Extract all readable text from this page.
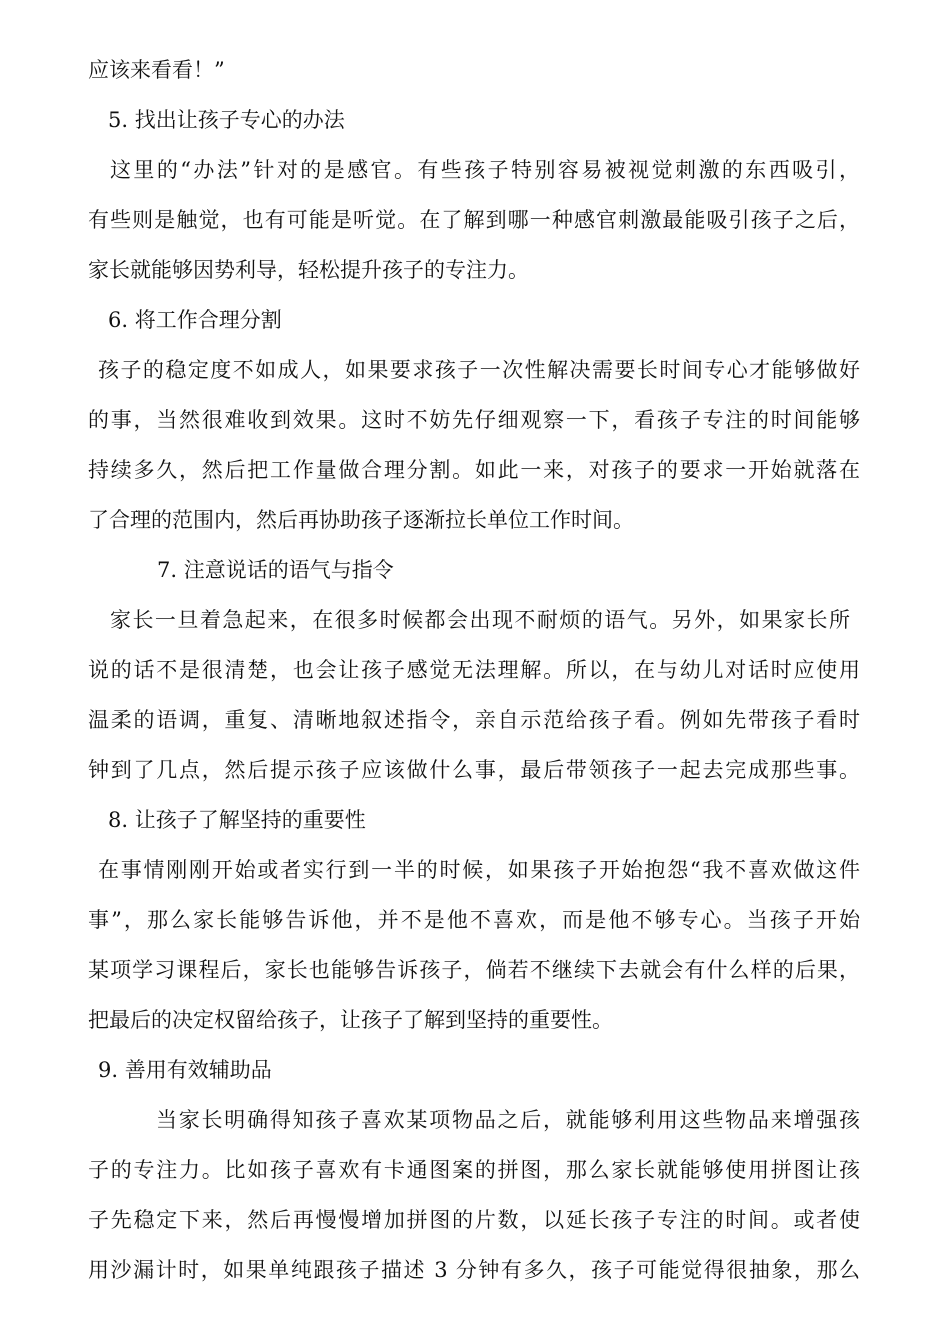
应该来看看！”
5. 找出让孩子专心的办法
这里的“办法”针对的是感官。有些孩子特别容易被视觉刺激的东西吸引，
有些则是触觉，也有可能是听觉。在了解到哪一种感官刺激最能吸引孩子之后，
家长就能够因势利导，轻松提升孩子的专注力。
6. 将工作合理分割
孩子的稳定度不如成人，如果要求孩子一次性解决需要长时间专心才能够做好
的事，当然很难收到效果。这时不妨先仔细观察一下，看孩子专注的时间能够
持续多久，然后把工作量做合理分割。如此一来，对孩子的要求一开始就落在
了合理的范围内，然后再协助孩子逐渐拉长单位工作时间。
7. 注意说话的语气与指令
家长一旦着急起来，在很多时候都会出现不耐烦的语气。另外，如果家长所
说的话不是很清楚，也会让孩子感觉无法理解。所以，在与幼儿对话时应使用
温柔的语调，重复、清晰地叙述指令，亲自示范给孩子看。例如先带孩子看时
钟到了几点，然后提示孩子应该做什么事，最后带领孩子一起去完成那些事。
8. 让孩子了解坚持的重要性
在事情刚刚开始或者实行到一半的时候，如果孩子开始抱怨“我不喜欢做这件
事”，那么家长能够告诉他，并不是他不喜欢，而是他不够专心。当孩子开始
某项学习课程后，家长也能够告诉孩子，倘若不继续下去就会有什么样的后果，
把最后的决定权留给孩子，让孩子了解到坚持的重要性。
9. 善用有效辅助品
当家长明确得知孩子喜欢某项物品之后，就能够利用这些物品来增强孩
子的专注力。比如孩子喜欢有卡通图案的拼图，那么家长就能够使用拼图让孩
子先稳定下来，然后再慢慢增加拼图的片数，以延长孩子专注的时间。或者使
用沙漏计时，如果单纯跟孩子描述 3 分钟有多久，孩子可能觉得很抽象，那么
